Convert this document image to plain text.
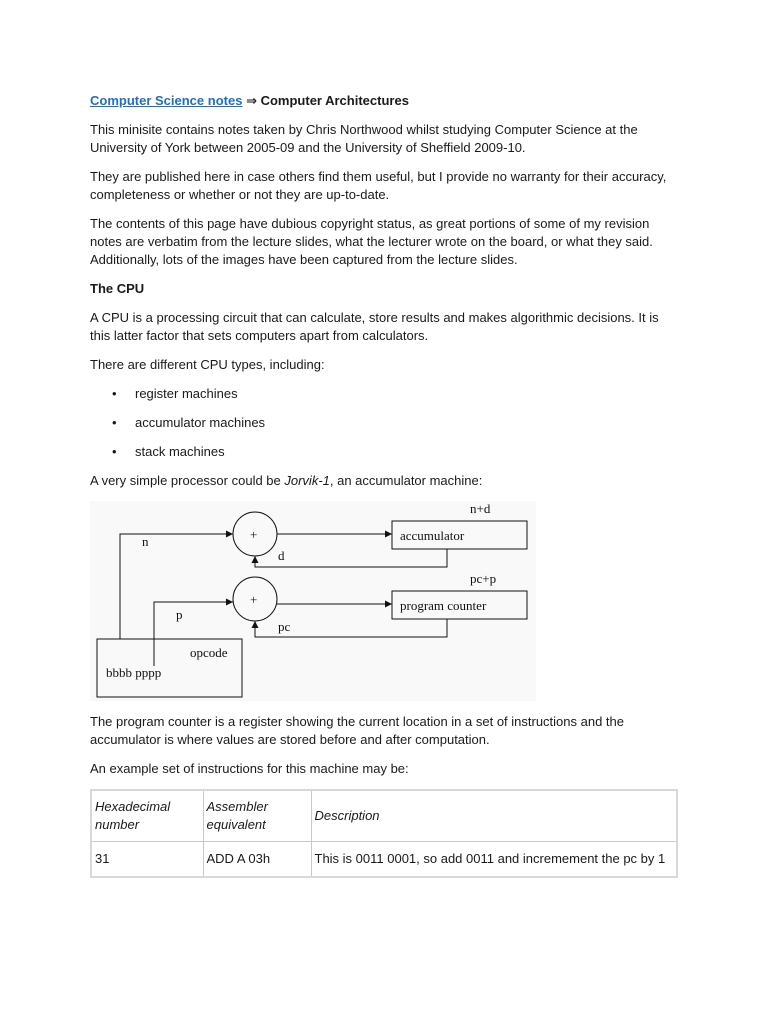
Computer Science notes ⇒ Computer Architectures

This minisite contains notes taken by Chris Northwood whilst studying Computer Science at the University of York between 2005-09 and the University of Sheffield 2009-10.

They are published here in case others find them useful, but I provide no warranty for their accuracy, completeness or whether or not they are up-to-date.

The contents of this page have dubious copyright status, as great portions of some of my revision notes are verbatim from the lecture slides, what the lecturer wrote on the board, or what they said. Additionally, lots of the images have been captured from the lecture slides.

The CPU

A CPU is a processing circuit that can calculate, store results and makes algorithmic decisions. It is this latter factor that sets computers apart from calculators.

There are different CPU types, including:

• register machines
• accumulator machines
• stack machines

A very simple processor could be Jorvik-1, an accumulator machine:

+
+
n
d
p
pc
n+d
pc+p
accumulator
program counter
opcode
bbbb pppp

The program counter is a register showing the current location in a set of instructions and the accumulator is where values are stored before and after computation.

An example set of instructions for this machine may be:

Hexadecimal number	Assembler equivalent	Description
31	ADD A 03h	This is 0011 0001, so add 0011 and incremement the pc by 1
